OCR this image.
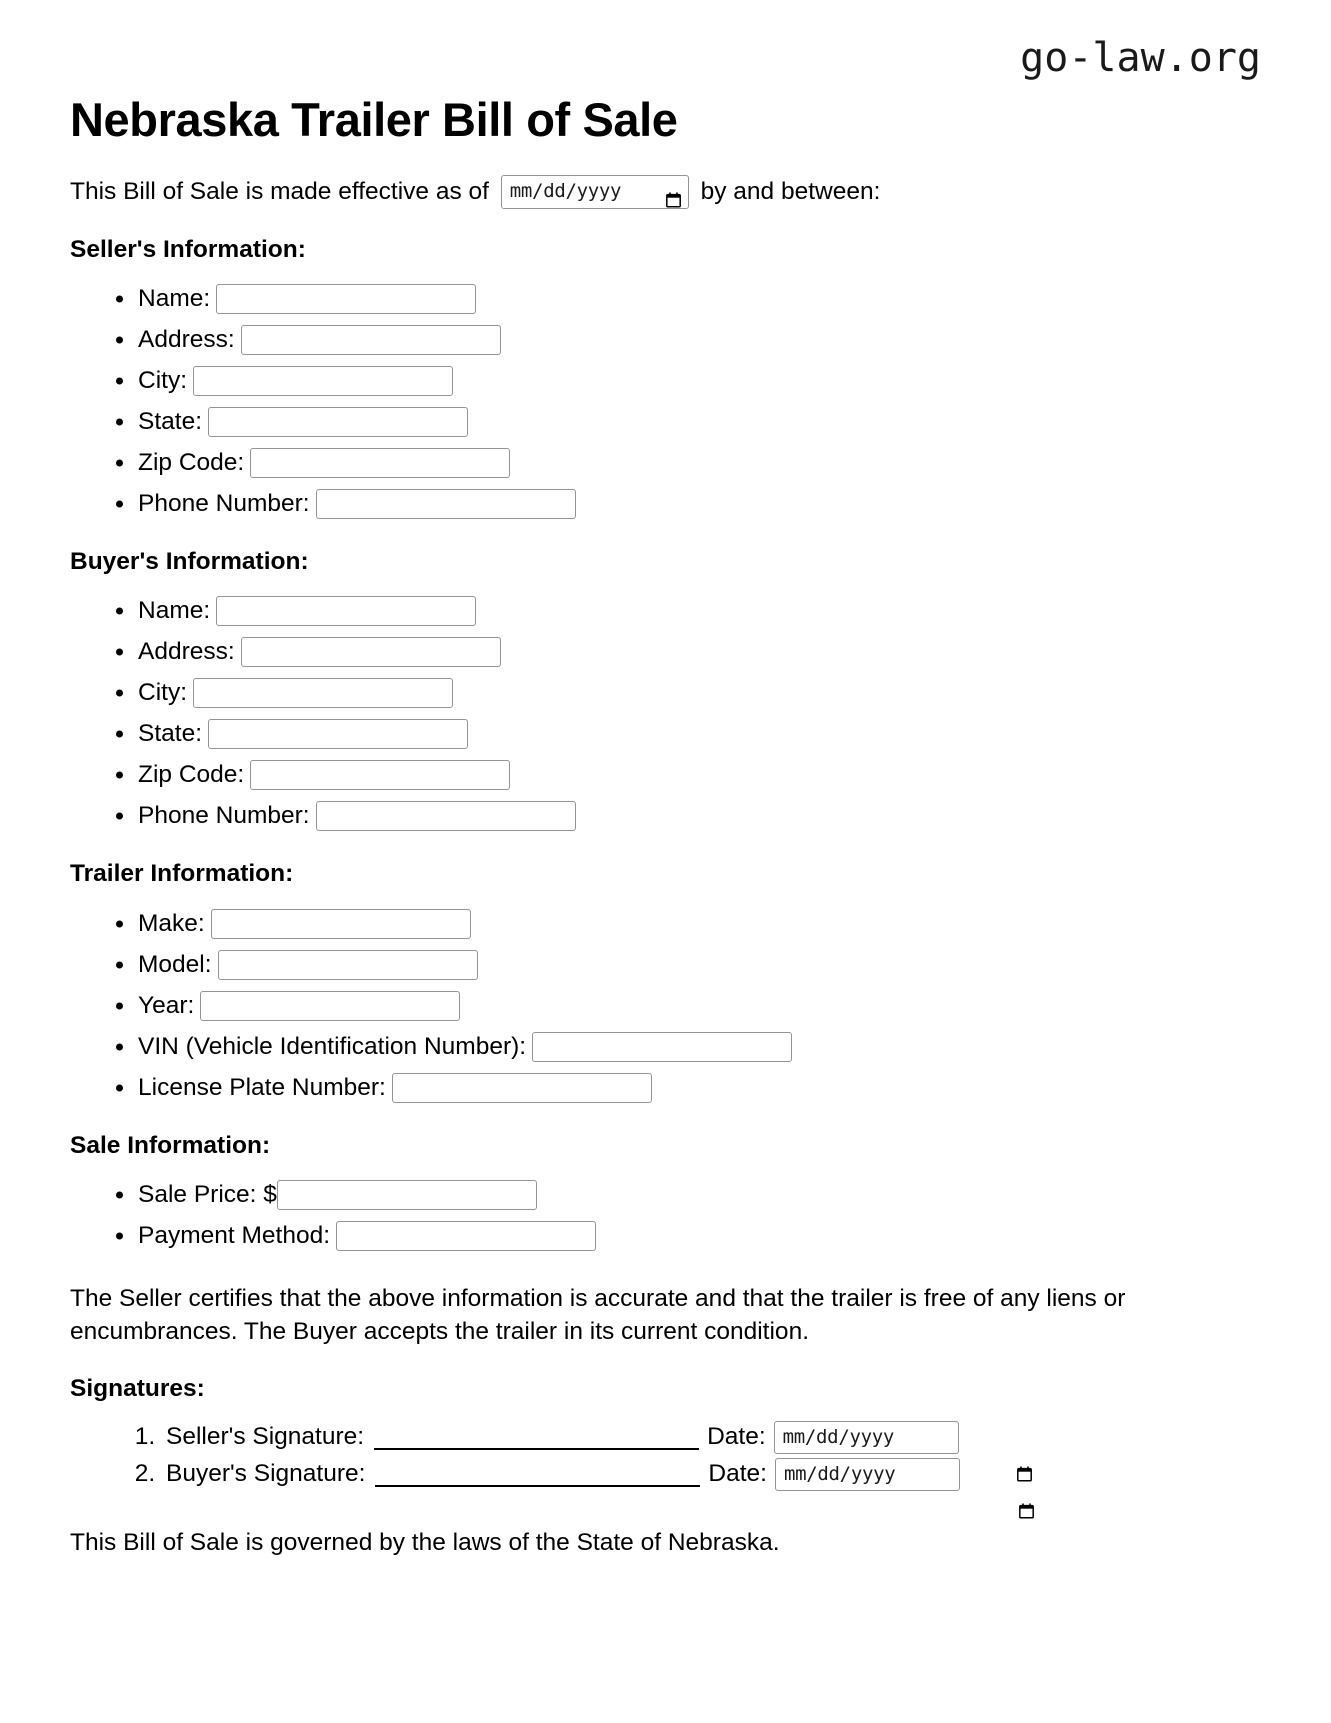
go-law.org
Nebraska Trailer Bill of Sale
This Bill of Sale is made effective as of mm/dd/yyyy	by and between:
Seller's Information:
Name:
Address:
City:
State:
Zip Code:
Phone Number:
Buyer's Information:
Name:
Address:
City:
State:
Zip Code:
Phone Number:
Trailer Information:
Make:
Model:
Year:
VIN (Vehicle Identification Number):
License Plate Number:
Sale Information:
Sale Price: $
Payment Method:

The Seller certifies that the above information is accurate and that the trailer is free of any liens or encumbrances. The Buyer accepts the trailer in its current condition.

Signatures:
1. Seller's Signature:	Date: mm/dd/yyyy

2. Buyer's Signature:	Date: mm/dd/yyyy

This Bill of Sale is governed by the laws of the State of Nebraska.
